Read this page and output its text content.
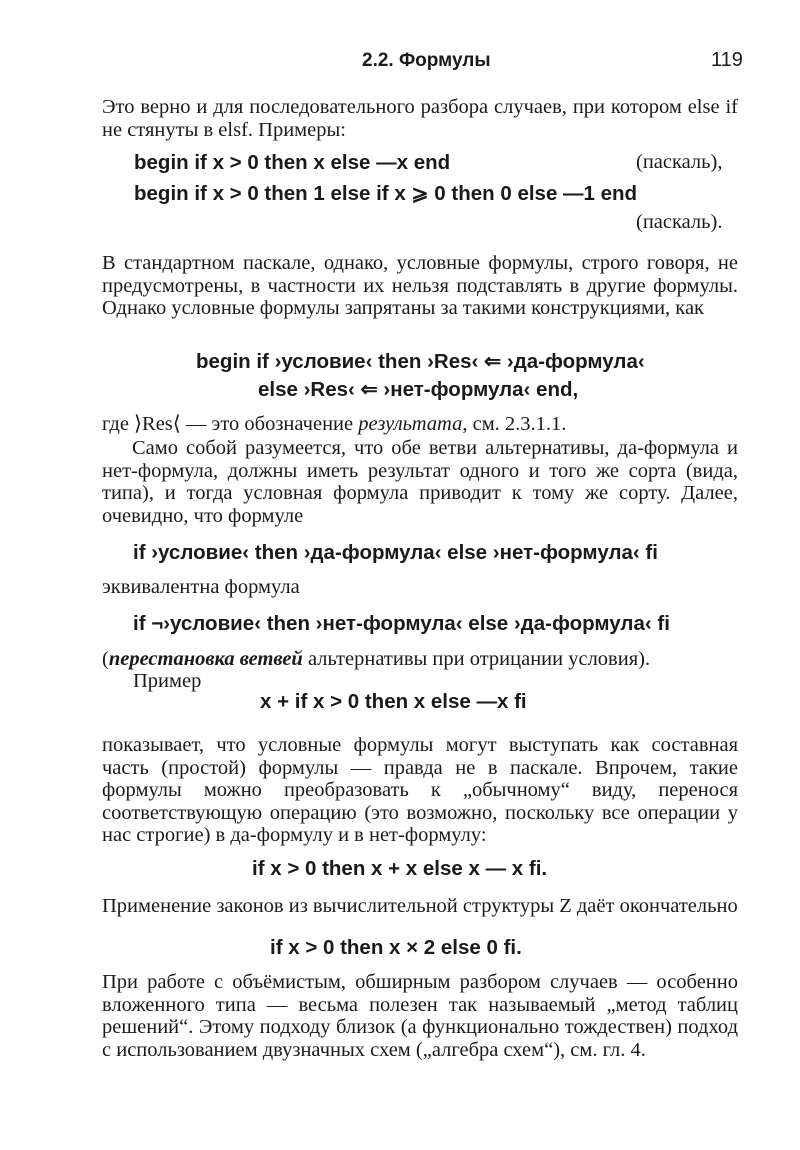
2.2. Формулы	119

Это верно и для последовательного разбора случаев, при котором else if не стянуты в elsf. Примеры:

begin if x > 0 then x else —x end	(паскаль),
begin if x > 0 then 1 else if x ⩾ 0 then 0 else —1 end
(паскаль).

В стандартном паскале, однако, условные формулы, строго говоря, не предусмотрены, в частности их нельзя подставлять в другие формулы. Однако условные формулы запрятаны за такими конструкциями, как

begin if ›условие‹ then ›Res‹ ⇐ ›да-формула‹
else ›Res‹ ⇐ ›нет-формула‹ end,

где ⟩Res⟨ — это обозначение результата, см. 2.3.1.1.

Само собой разумеется, что обе ветви альтернативы, да-формула и нет-формула, должны иметь результат одного и того же сорта (вида, типа), и тогда условная формула приводит к тому же сорту. Далее, очевидно, что формуле

if ›условие‹ then ›да-формула‹ else ›нет-формула‹ fi

эквивалентна формула

if ¬›условие‹ then ›нет-формула‹ else ›да-формула‹ fi

(перестановка ветвей альтернативы при отрицании условия).

Пример

x + if x > 0 then x else —x fi

показывает, что условные формулы могут выступать как составная часть (простой) формулы — правда не в паскале. Впрочем, такие формулы можно преобразовать к „обычному“ виду, перенося соответствующую операцию (это возможно, поскольку все операции у нас строгие) в да-формулу и в нет-формулу:

if x > 0 then x + x else x — x fi.

Применение законов из вычислительной структуры Z даёт окончательно

if x > 0 then x × 2 else 0 fi.

При работе с объёмистым, обширным разбором случаев — особенно вложенного типа — весьма полезен так называемый „метод таблиц решений“. Этому подходу близок (а функционально тождествен) подход с использованием двузначных схем („алгебра схем“), см. гл. 4.
